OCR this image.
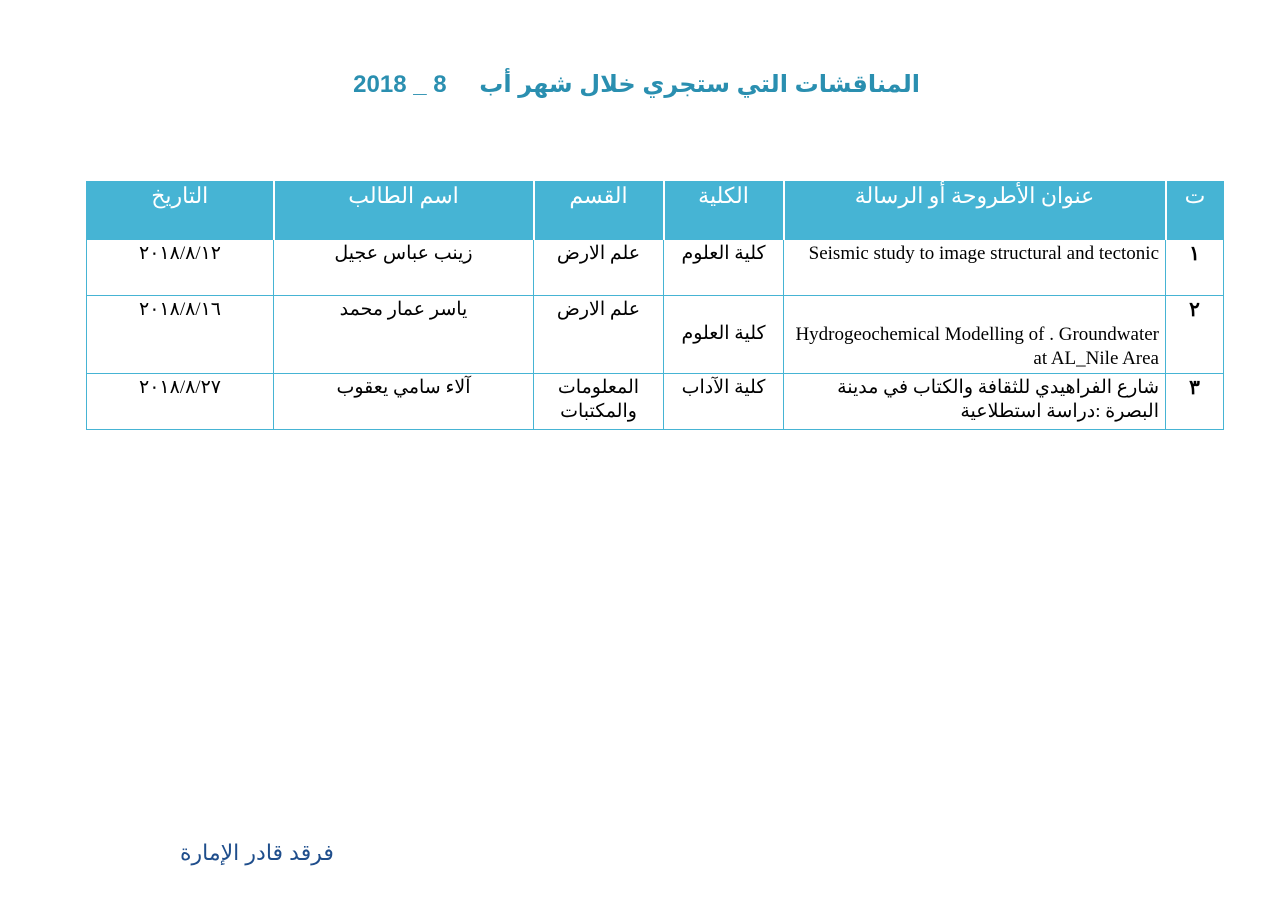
المناقشات التي ستجري خلال شهر أب 2018 _ 8
ت	عنوان الأطروحة أو الرسالة	الكلية	القسم	اسم الطالب	التاريخ
١	Seismic study to image structural and tectonic	كلية العلوم	علم الارض	زينب عباس عجيل	٢٠١٨/٨/١٢
٢	Hydrogeochemical Modelling of . Groundwater at AL_Nile Area	كلية العلوم	علم الارض	ياسر عمار محمد	٢٠١٨/٨/١٦
٣	شارع الفراهيدي للثقافة والكتاب في مدينة البصرة :دراسة استطلاعية	كلية الآداب	المعلومات والمكتبات	آلاء سامي يعقوب	٢٠١٨/٨/٢٧
فرقد قادر الإمارة
